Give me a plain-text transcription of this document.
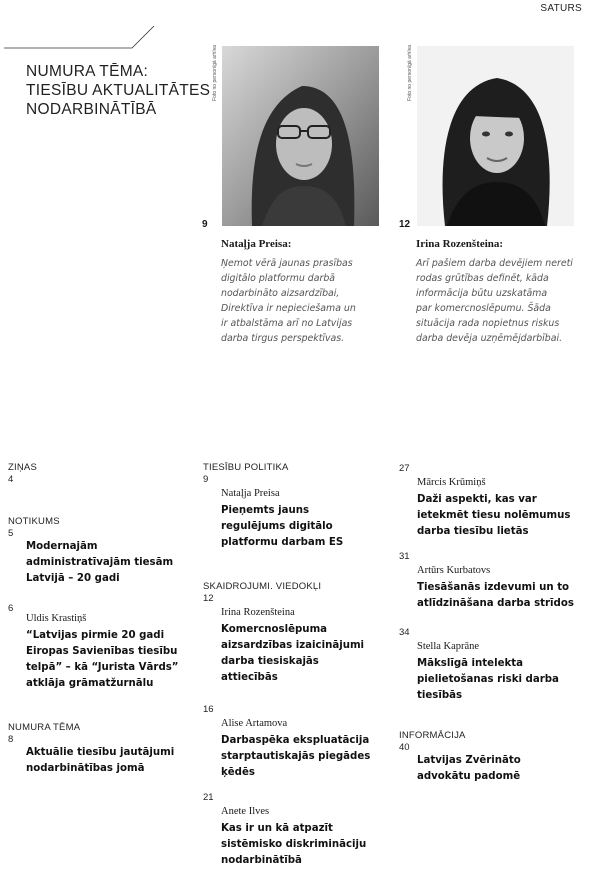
SATURS
NUMURA TĒMA:
TIESĪBU AKTUALITĀTES
NODARBINĀTĪBĀ
Foto no personīgā arhīva
9
Nataļja Preisa:
Ņemot vērā jaunas prasības
digitālo platformu darbā
nodarbināto aizsardzībai,
Direktīva ir nepieciešama un
ir atbalstāma arī no Latvijas
darba tirgus perspektīvas.
Foto no personīgā arhīva
12
Irina Rozenšteina:
Arī pašiem darba devējiem nereti
rodas grūtības definēt, kāda
informācija būtu uzskatāma
par komercnoslēpumu. Šāda
situācija rada nopietnus riskus
darba devēja uzņēmējdarbībai.
ZIŅAS
4
NOTIKUMS
5
Modernajām
administratīvajām tiesām
Latvijā – 20 gadi
6
Uldis Krastiņš
“Latvijas pirmie 20 gadi
Eiropas Savienības tiesību
telpā” – kā “Jurista Vārds”
atklāja grāmatžurnālu
NUMURA TĒMA
8
Aktuālie tiesību jautājumi
nodarbinātības jomā
TIESĪBU POLITIKA
9
Nataļja Preisa
Pieņemts jauns
regulējums digitālo
platformu darbam ES
SKAIDROJUMI. VIEDOKĻI
12
Irina Rozenšteina
Komercnoslēpuma
aizsardzības izaicinājumi
darba tiesiskajās
attiecībās
16
Alise Artamova
Darbaspēka ekspluatācija
starptautiskajās piegādes
ķēdēs
21
Anete Ilves
Kas ir un kā atpazīt
sistēmisko diskrimināciju
nodarbinātībā
27
Mārcis Krūmiņš
Daži aspekti, kas var
ietekmēt tiesu nolēmumus
darba tiesību lietās
31
Artūrs Kurbatovs
Tiesāšanās izdevumi un to
atlīdzināšana darba strīdos
34
Stella Kaprāne
Mākslīgā intelekta
pielietošanas riski darba
tiesībās
INFORMĀCIJA
40
Latvijas Zvērināto
advokātu padomē
